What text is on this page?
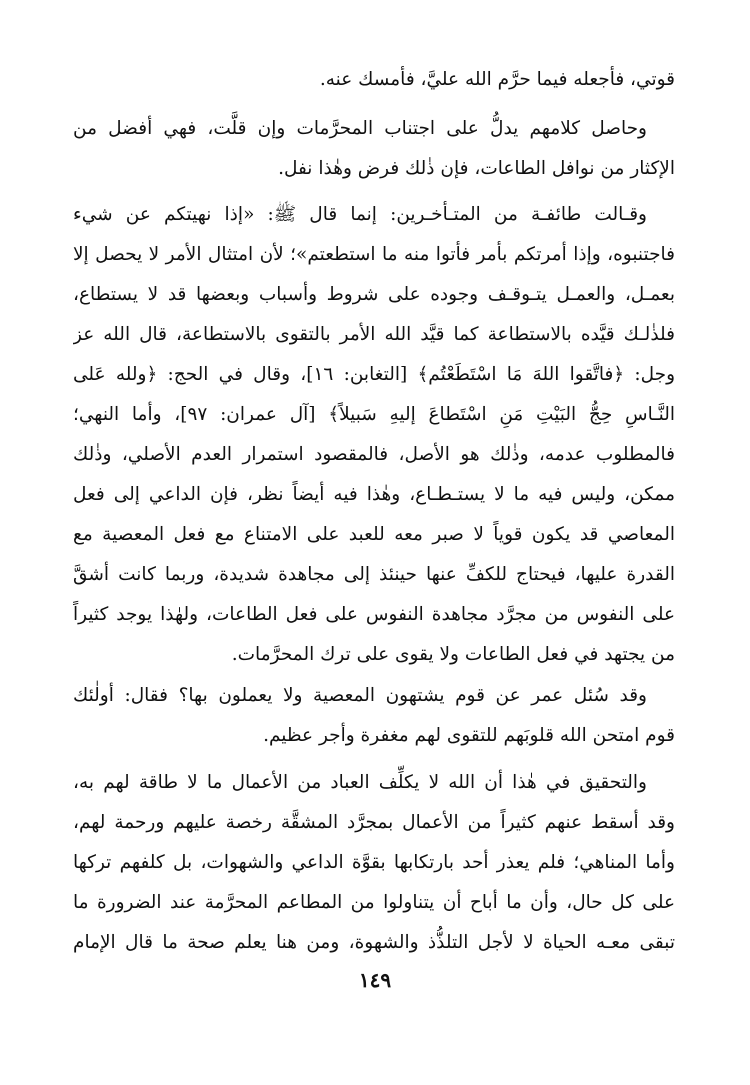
قوتي، فأجعله فيما حرَّم الله عليَّ، فأمسك عنه.
وحاصل كلامهم يدلُّ على اجتناب المحرَّمات وإن قلَّت، فهي أفضل من
الإكثار من نوافل الطاعات، فإن ذٰلك فرض وهٰذا نفل.
وقـالت طائفـة من المتـأخـرين: إنما قال ﷺ: «إذا نهيتكم عن شيء
فاجتنبوه، وإذا أمرتكم بأمر فأتوا منه ما استطعتم»؛ لأن امتثال الأمر لا يحصل إلا
بعمـل، والعمـل يتـوقـف وجوده على شروط وأسباب وبعضها قد لا يستطاع،
فلذٰلـك قيَّده بالاستطاعة كما قيَّد الله الأمر بالتقوى بالاستطاعة، قال الله عز
وجل: ﴿فاتَّقوا اللهَ مَا اسْتَطَعْتُم﴾ [التغابن: ١٦]، وقال في الحج: ﴿ولله عَلى
النَّـاسِ حِجُّ البَيْتِ مَنِ اسْتَطاعَ إليهِ سَبيلاً﴾ [آل عمران: ٩٧]، وأما النهي؛
فالمطلوب عدمه، وذٰلك هو الأصل، فالمقصود استمرار العدم الأصلي، وذٰلك
ممكن، وليس فيه ما لا يستـطـاع، وهٰذا فيه أيضاً نظر، فإن الداعي إلى فعل
المعاصي قد يكون قوياً لا صبر معه للعبد على الامتناع مع فعل المعصية مع
القدرة عليها، فيحتاج للكفِّ عنها حينئذ إلى مجاهدة شديدة، وربما كانت أشقَّ
على النفوس من مجرَّد مجاهدة النفوس على فعل الطاعات، ولهٰذا يوجد كثيراً
من يجتهد في فعل الطاعات ولا يقوى على ترك المحرَّمات.
وقد سُئل عمر عن قوم يشتهون المعصية ولا يعملون بها؟ فقال: أولٰئك
قوم امتحن الله قلوبَهم للتقوى لهم مغفرة وأجر عظيم.
والتحقيق في هٰذا أن الله لا يكلِّف العباد من الأعمال ما لا طاقة لهم به،
وقد أسقط عنهم كثيراً من الأعمال بمجرَّد المشقَّة رخصة عليهم ورحمة لهم،
وأما المناهي؛ فلم يعذر أحد بارتكابها بقوَّة الداعي والشهوات، بل كلفهم تركها
على كل حال، وأن ما أباح أن يتناولوا من المطاعم المحرَّمة عند الضرورة ما
تبقى معـه الحياة لا لأجل التلذُّذ والشهوة، ومن هنا يعلم صحة ما قال الإمام
١٤٩
